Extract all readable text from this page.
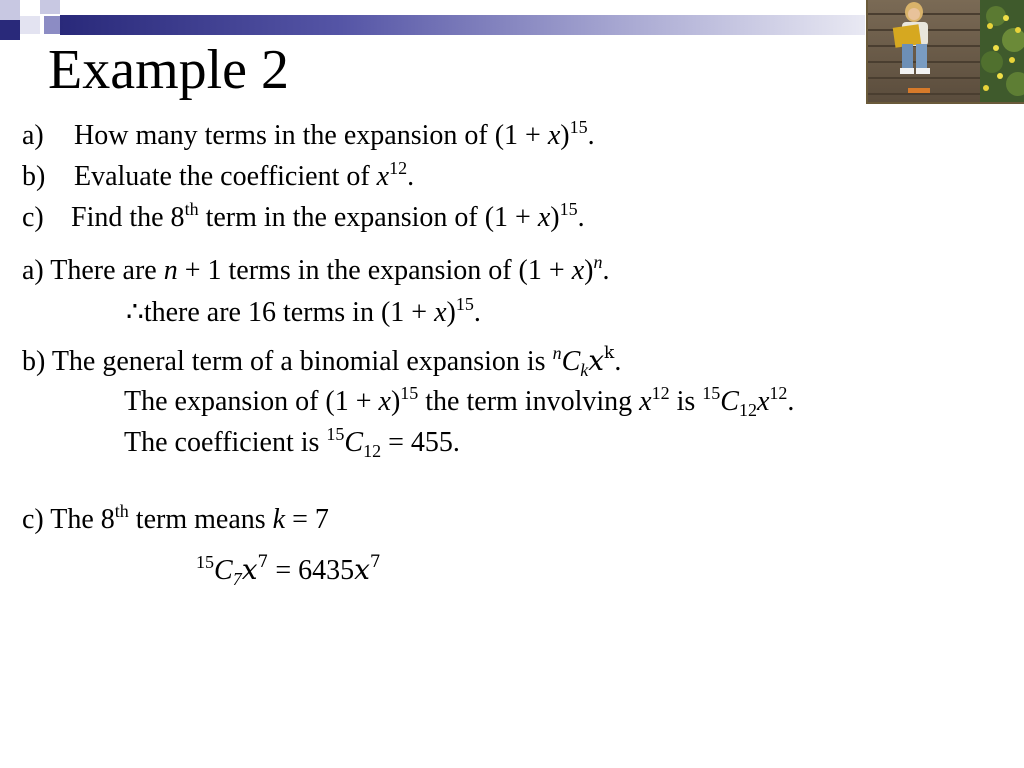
Example 2
a) How many terms in the expansion of $(1 + x)^{15}$.
b) Evaluate the coefficient of $x^{12}$.
c) Find the 8th term in the expansion of $(1 + x)^{15}$.
a) There are n + 1 terms in the expansion of $(1 + x)^n$.
∴there are 16 terms in $(1 + x)^{15}$.
b) The general term of a binomial expansion is $^nC_kx^k$.
The expansion of $(1 + x)^{15}$ the term involving $x^{12}$ is $^{15}C_{12}x^{12}$.
The coefficient is $^{15}C_{12} = 455$.
c) The 8th term means k = 7
$^{15}C_7x^7 = 6435x^7$
